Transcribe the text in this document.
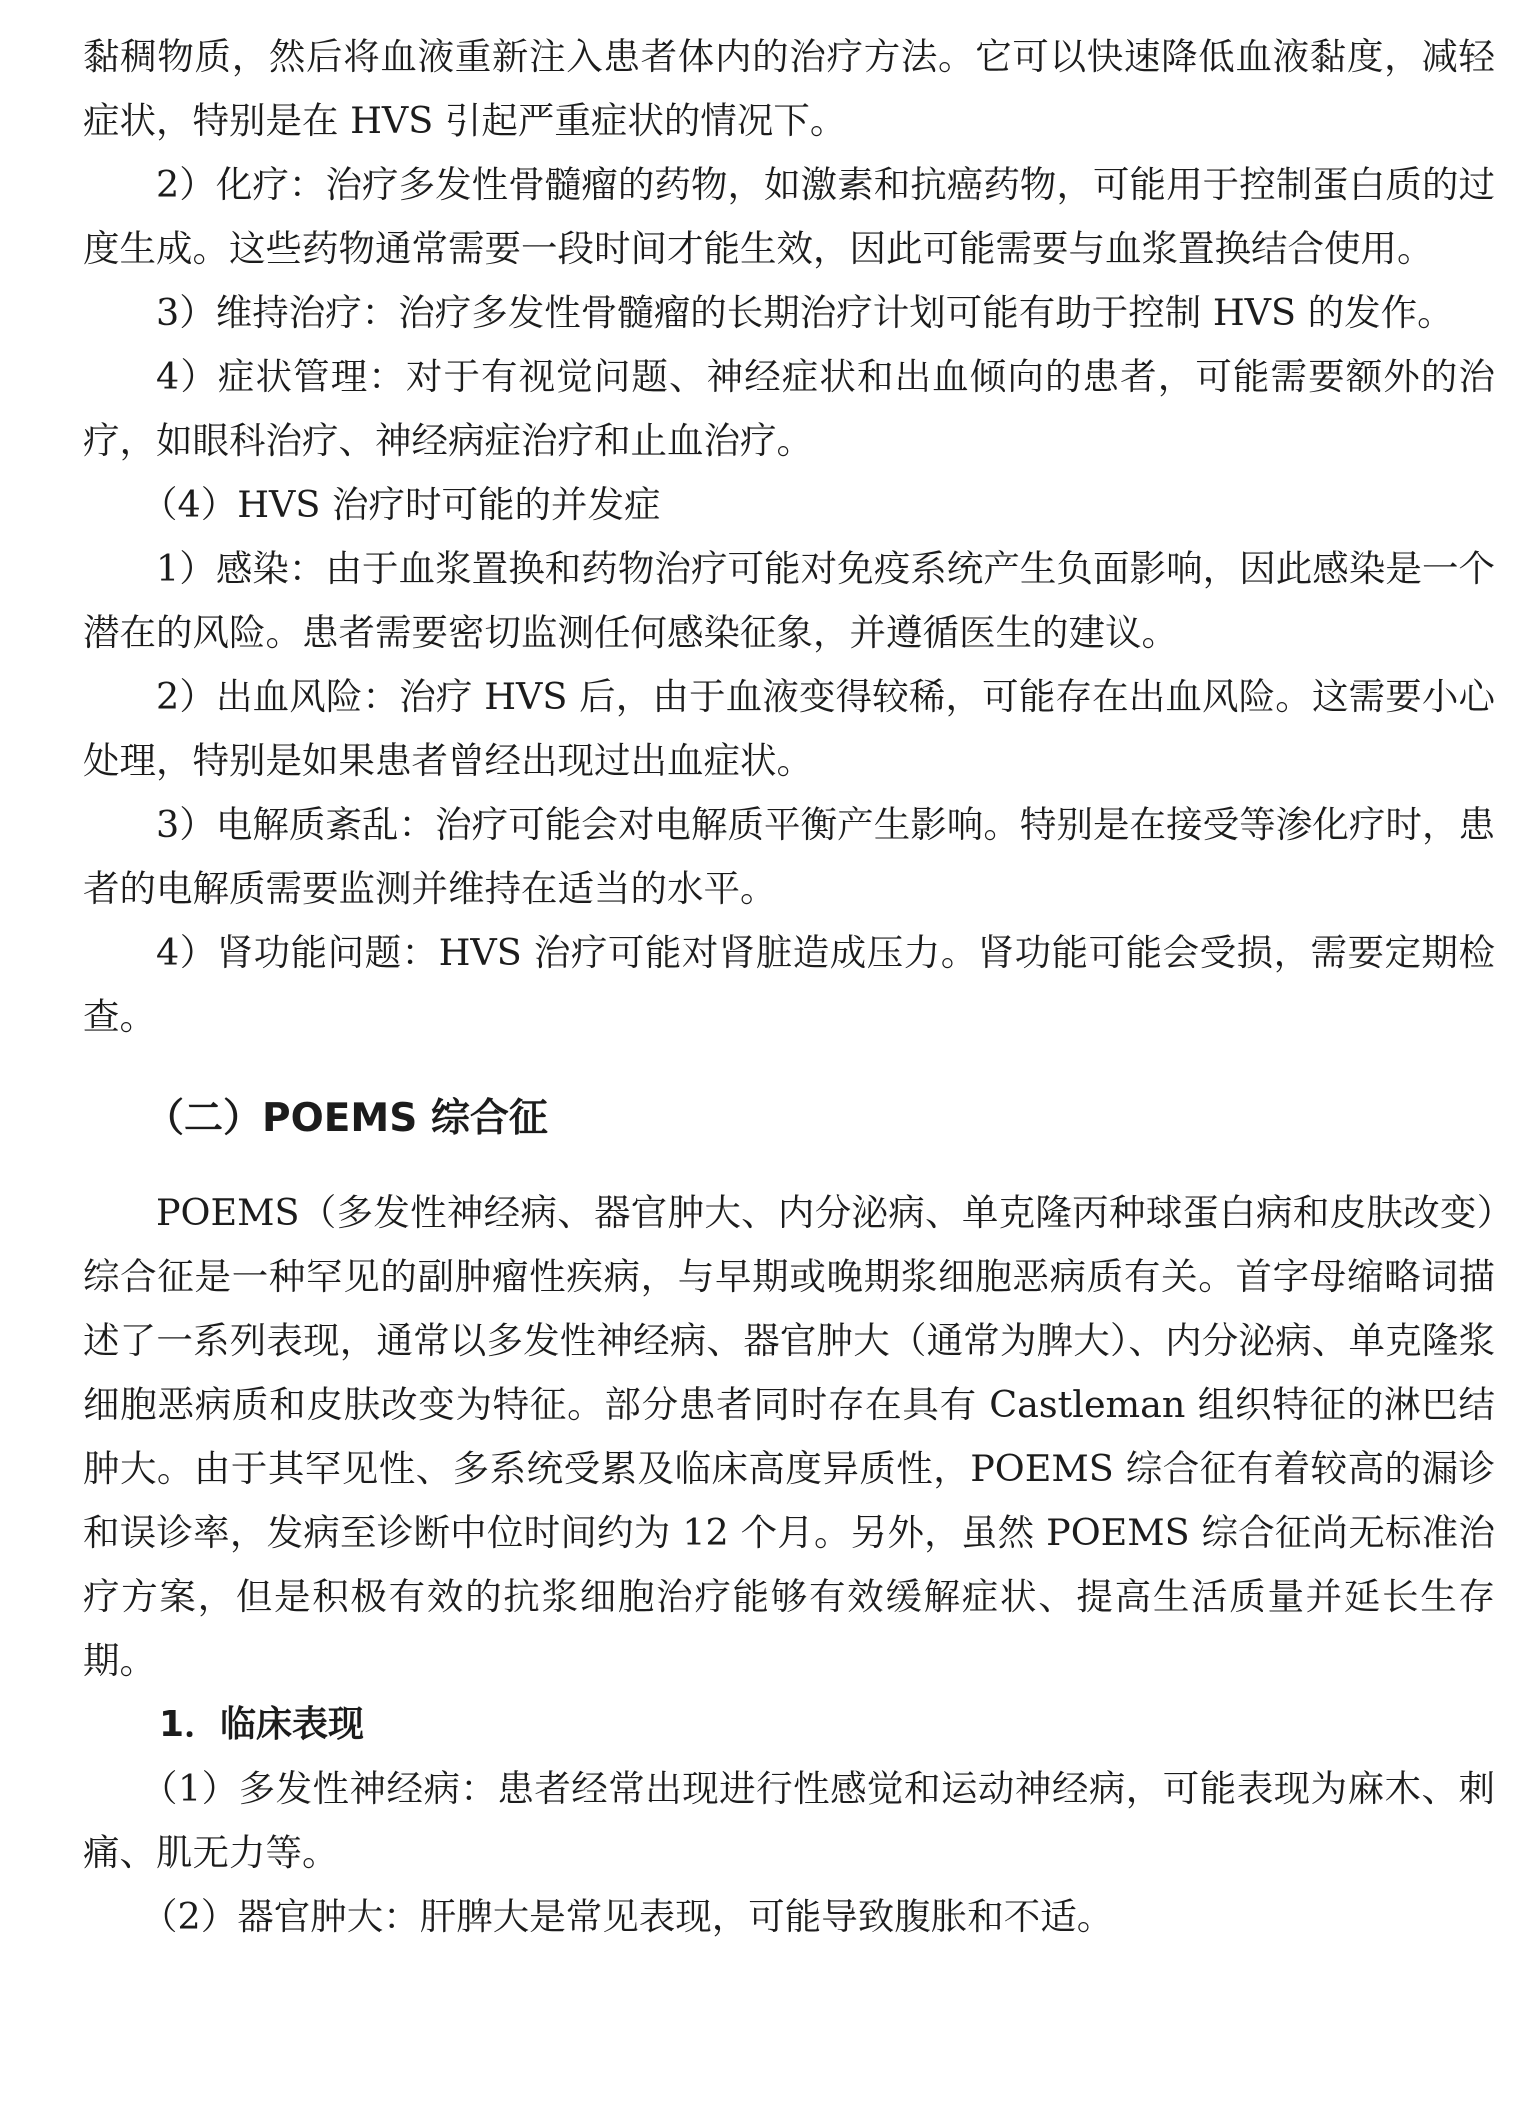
黏稠物质，然后将血液重新注入患者体内的治疗方法。它可以快速降低血液黏度，减轻症状，特别是在 HVS 引起严重症状的情况下。

2）化疗：治疗多发性骨髓瘤的药物，如激素和抗癌药物，可能用于控制蛋白质的过度生成。这些药物通常需要一段时间才能生效，因此可能需要与血浆置换结合使用。

3）维持治疗：治疗多发性骨髓瘤的长期治疗计划可能有助于控制 HVS 的发作。

4）症状管理：对于有视觉问题、神经症状和出血倾向的患者，可能需要额外的治疗，如眼科治疗、神经病症治疗和止血治疗。

（4）HVS 治疗时可能的并发症

1）感染：由于血浆置换和药物治疗可能对免疫系统产生负面影响，因此感染是一个潜在的风险。患者需要密切监测任何感染征象，并遵循医生的建议。

2）出血风险：治疗 HVS 后，由于血液变得较稀，可能存在出血风险。这需要小心处理，特别是如果患者曾经出现过出血症状。

3）电解质紊乱：治疗可能会对电解质平衡产生影响。特别是在接受等渗化疗时，患者的电解质需要监测并维持在适当的水平。

4）肾功能问题：HVS 治疗可能对肾脏造成压力。肾功能可能会受损，需要定期检查。

（二）POEMS 综合征

POEMS（多发性神经病、器官肿大、内分泌病、单克隆丙种球蛋白病和皮肤改变）综合征是一种罕见的副肿瘤性疾病，与早期或晚期浆细胞恶病质有关。首字母缩略词描述了一系列表现，通常以多发性神经病、器官肿大（通常为脾大）、内分泌病、单克隆浆细胞恶病质和皮肤改变为特征。部分患者同时存在具有 Castleman 组织特征的淋巴结肿大。由于其罕见性、多系统受累及临床高度异质性，POEMS 综合征有着较高的漏诊和误诊率，发病至诊断中位时间约为 12 个月。另外，虽然 POEMS 综合征尚无标准治疗方案，但是积极有效的抗浆细胞治疗能够有效缓解症状、提高生活质量并延长生存期。

1．临床表现

（1）多发性神经病：患者经常出现进行性感觉和运动神经病，可能表现为麻木、刺痛、肌无力等。

（2）器官肿大：肝脾大是常见表现，可能导致腹胀和不适。
